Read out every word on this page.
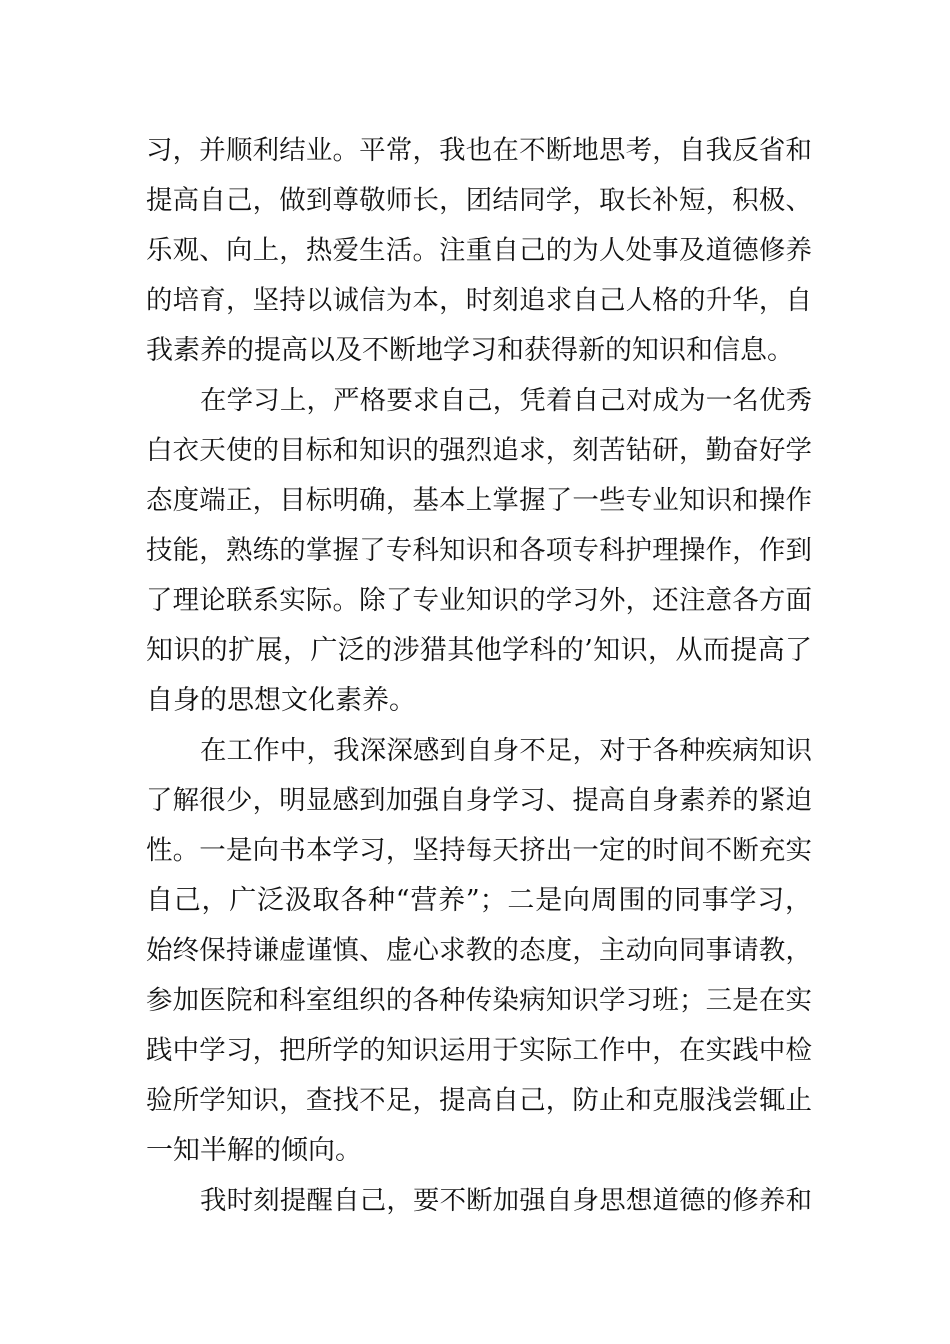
习，并顺利结业。平常，我也在不断地思考，自我反省和
提高自己，做到尊敬师长，团结同学，取长补短，积极、
乐观、向上，热爱生活。注重自己的为人处事及道德修养
的培育，坚持以诚信为本，时刻追求自己人格的升华，自
我素养的提高以及不断地学习和获得新的知识和信息。
在学习上，严格要求自己，凭着自己对成为一名优秀
白衣天使的目标和知识的强烈追求，刻苦钻研，勤奋好学
态度端正，目标明确，基本上掌握了一些专业知识和操作
技能，熟练的掌握了专科知识和各项专科护理操作，作到
了理论联系实际。除了专业知识的学习外，还注意各方面
知识的扩展，广泛的涉猎其他学科的’知识，从而提高了
自身的思想文化素养。
在工作中，我深深感到自身不足，对于各种疾病知识
了解很少，明显感到加强自身学习、提高自身素养的紧迫
性。一是向书本学习，坚持每天挤出一定的时间不断充实
自己，广泛汲取各种“营养”；二是向周围的同事学习，
始终保持谦虚谨慎、虚心求教的态度，主动向同事请教，
参加医院和科室组织的各种传染病知识学习班；三是在实
践中学习，把所学的知识运用于实际工作中，在实践中检
验所学知识，查找不足，提高自己，防止和克服浅尝辄止
一知半解的倾向。
我时刻提醒自己，要不断加强自身思想道德的修养和
